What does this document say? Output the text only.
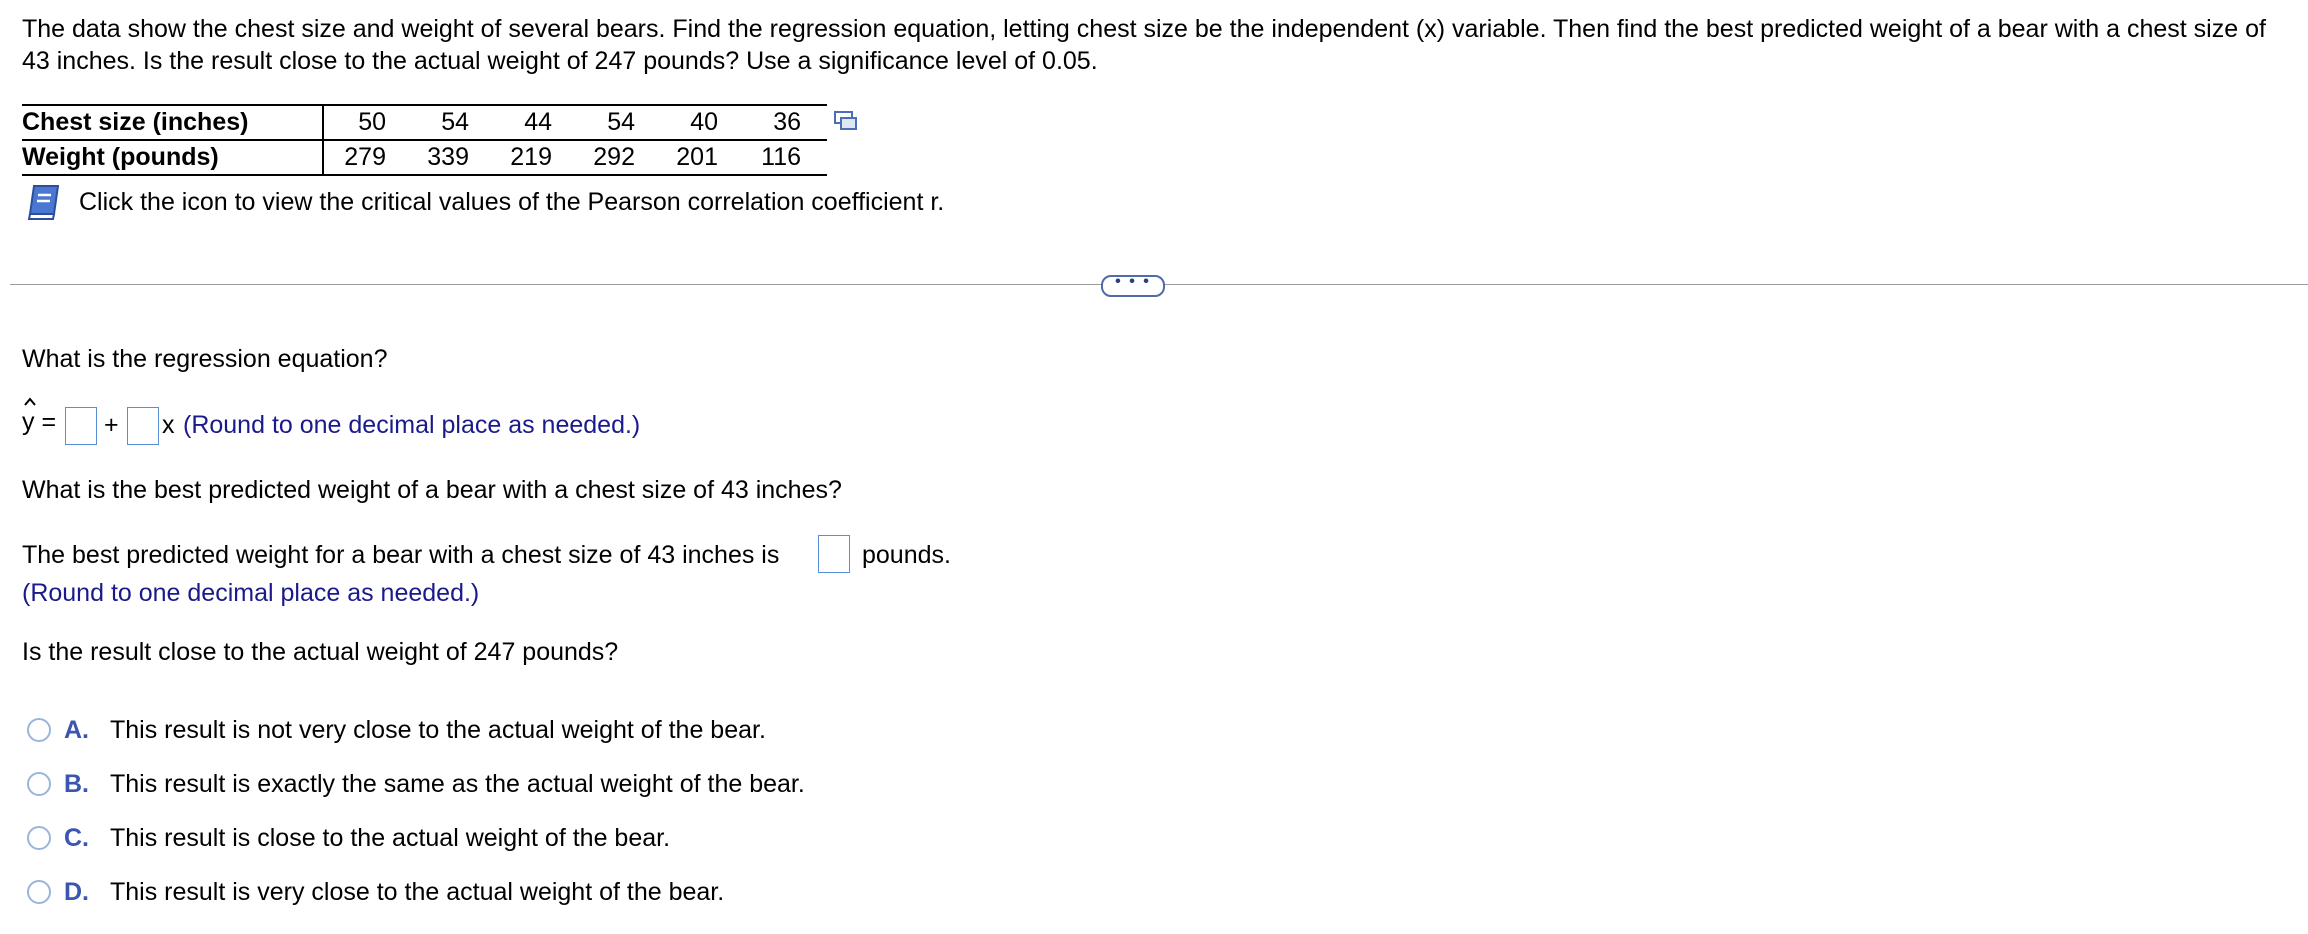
The data show the chest size and weight of several bears. Find the regression equation, letting chest size be the independent (x) variable. Then find the best predicted weight of a bear with a chest size of 43 inches. Is the result close to the actual weight of 247 pounds? Use a significance level of 0.05.
Chest size (inches)	50	54	44	54	40	36	
Weight (pounds)	279	339	219	292	201	116	
Click the icon to view the critical values of the Pearson correlation coefficient r.
• • •
What is the regression equation?
y = + x (Round to one decimal place as needed.)
What is the best predicted weight of a bear with a chest size of 43 inches?
The best predicted weight for a bear with a chest size of 43 inches is	pounds.
(Round to one decimal place as needed.)
Is the result close to the actual weight of 247 pounds?
A. This result is not very close to the actual weight of the bear.
B. This result is exactly the same as the actual weight of the bear.
C. This result is close to the actual weight of the bear.
D. This result is very close to the actual weight of the bear.
